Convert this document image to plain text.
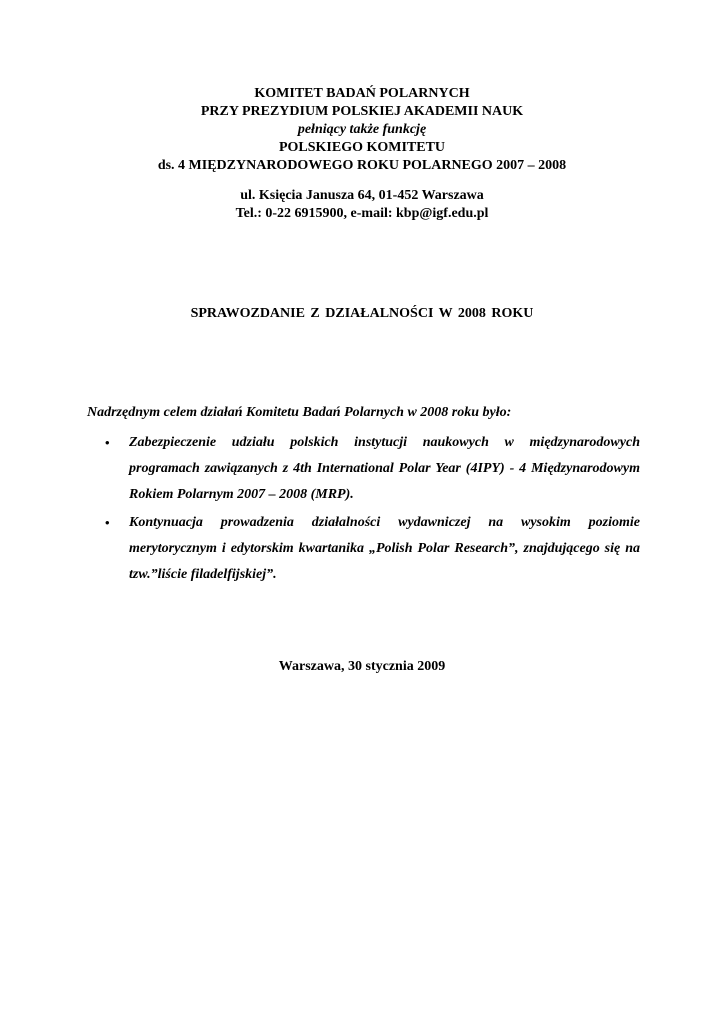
KOMITET BADAŃ POLARNYCH
PRZY PREZYDIUM POLSKIEJ AKADEMII NAUK
pełniący także funkcję
POLSKIEGO KOMITETU
ds. 4 MIĘDZYNARODOWEGO ROKU POLARNEGO 2007 – 2008
ul. Księcia Janusza 64, 01-452 Warszawa
Tel.: 0-22 6915900, e-mail: kbp@igf.edu.pl
SPRAWOZDANIE Z DZIAŁALNOŚCI W 2008 ROKU
Nadrzędnym celem działań Komitetu Badań Polarnych w 2008 roku było:
• Zabezpieczenie udziału polskich instytucji naukowych w międzynarodowych programach zawiązanych z 4th International Polar Year (4IPY) - 4 Międzynarodowym Rokiem Polarnym 2007 – 2008 (MRP).
• Kontynuacja prowadzenia działalności wydawniczej na wysokim poziomie merytorycznym i edytorskim kwartanika „Polish Polar Research”, znajdującego się na tzw.”liście filadelfijskiej”.
Warszawa, 30 stycznia 2009
